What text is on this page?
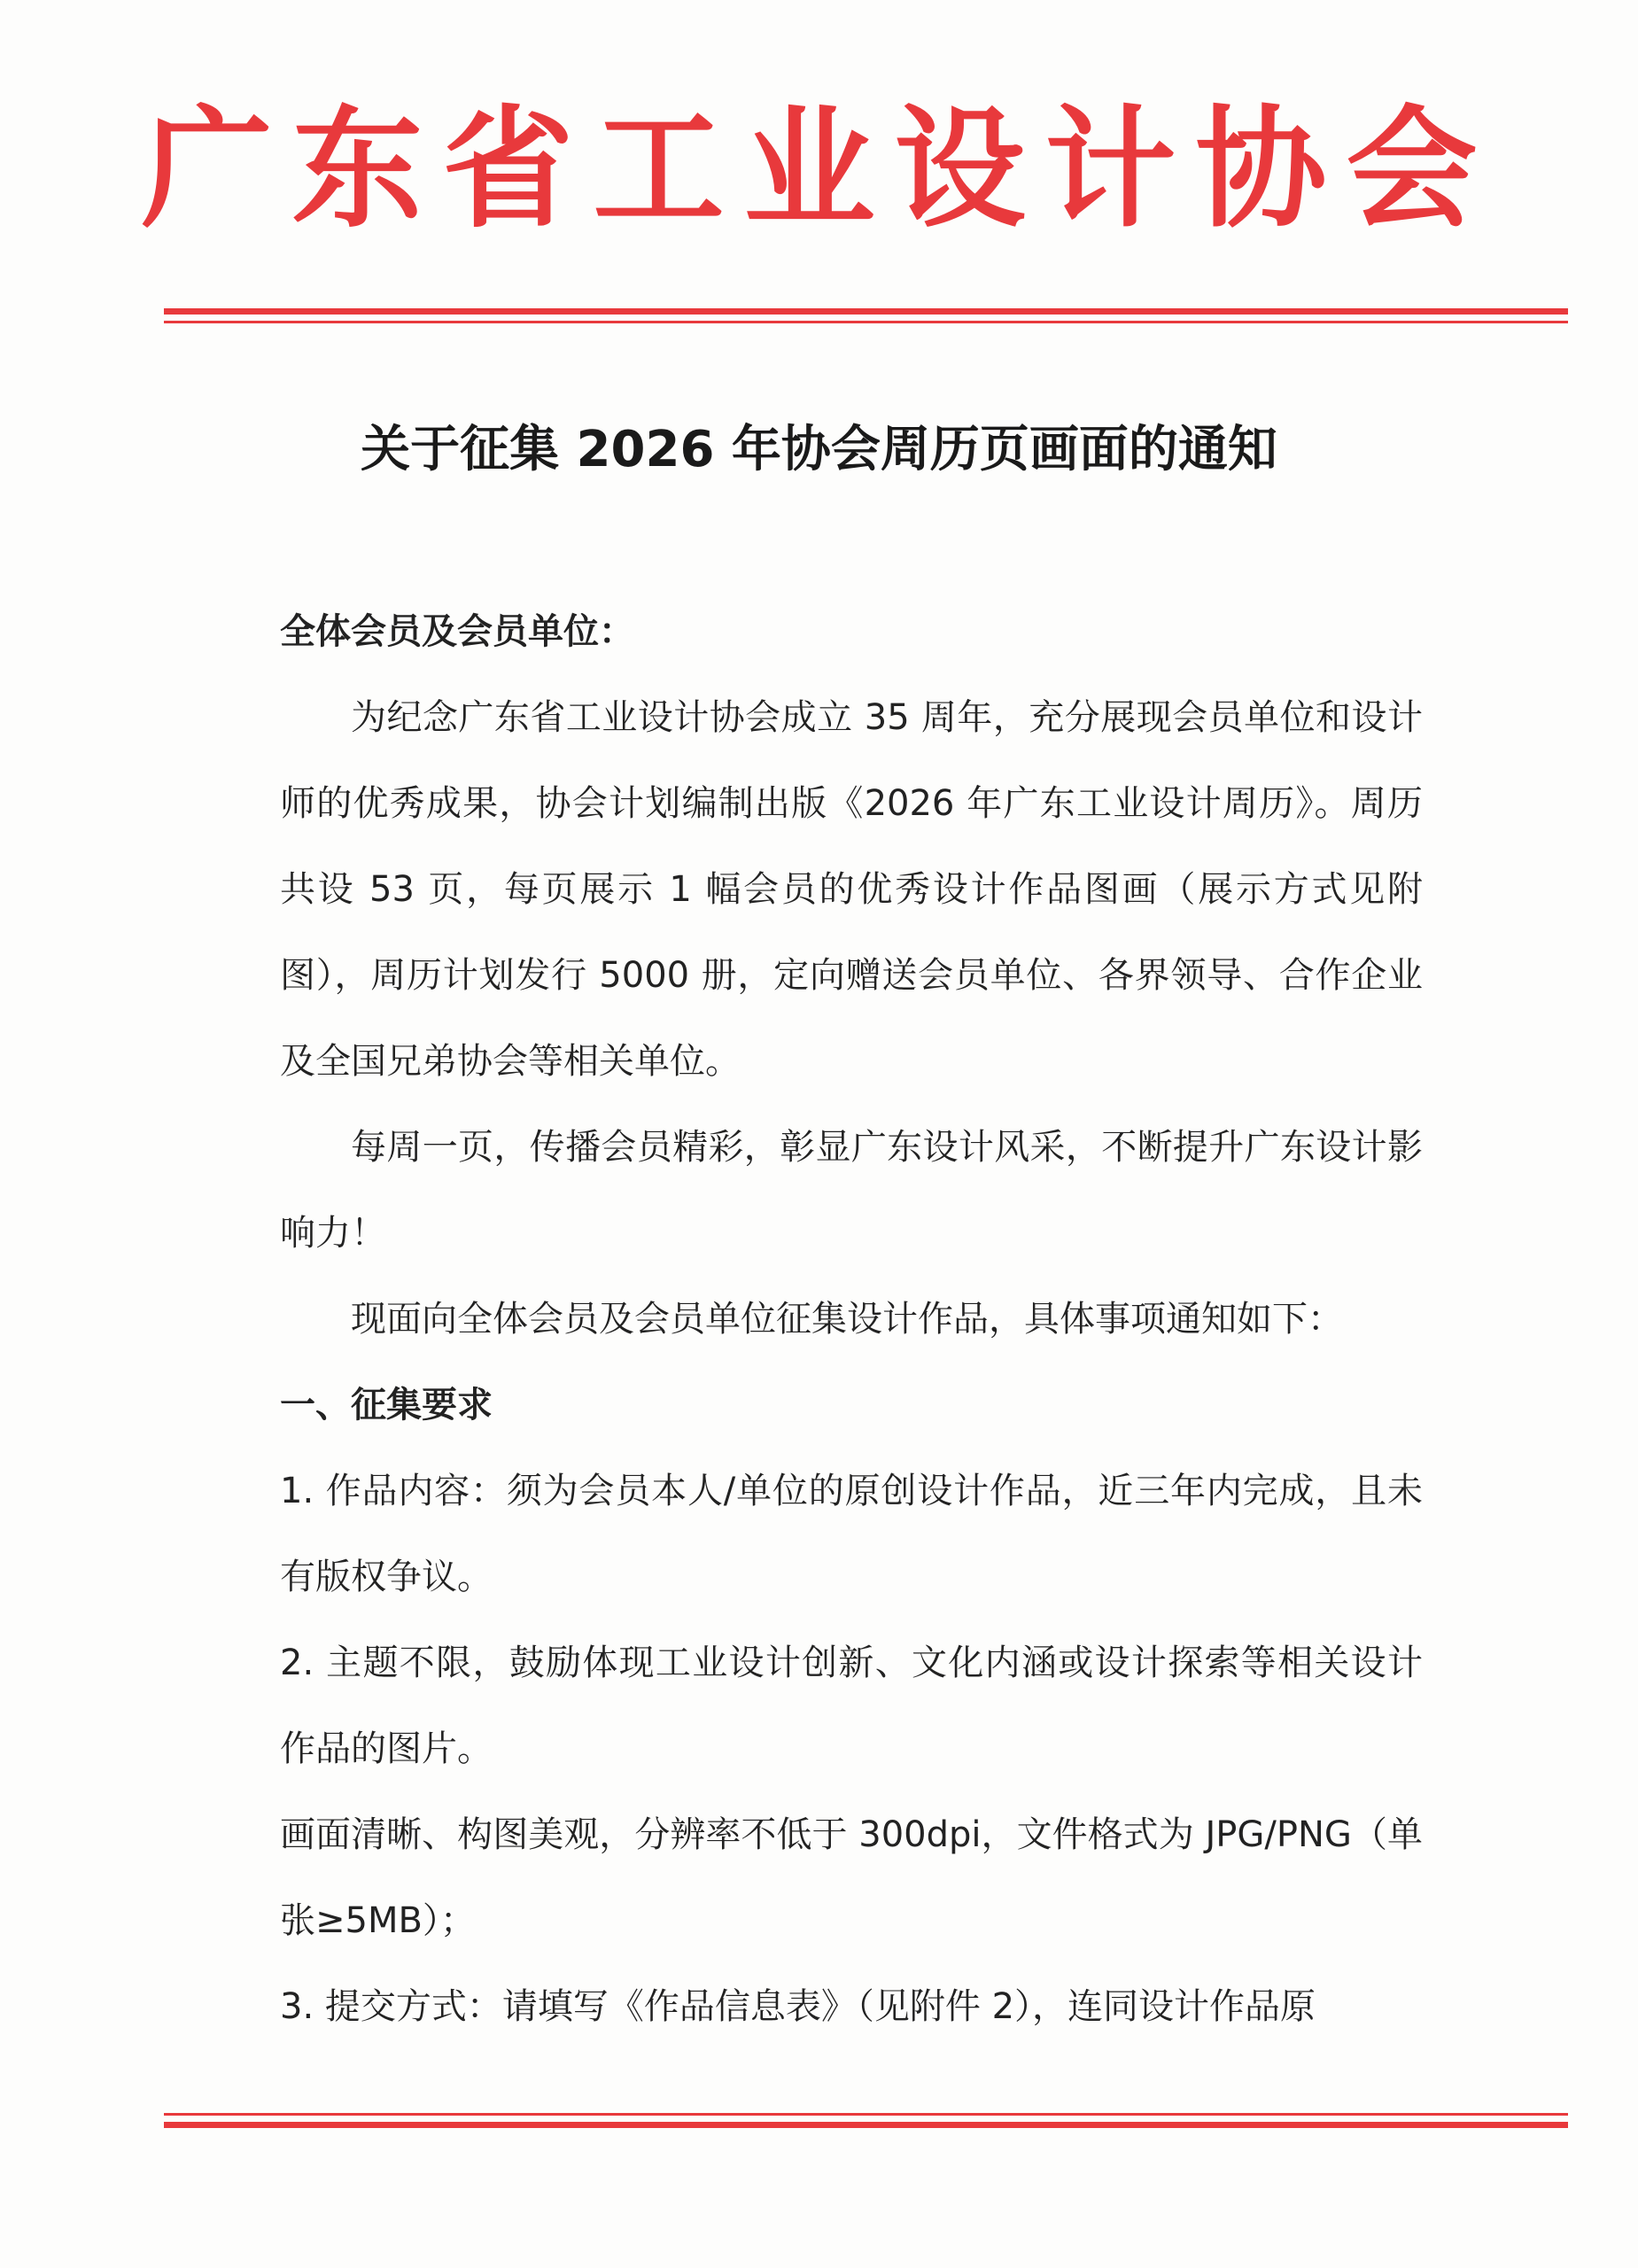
广东省工业设计协会
关于征集 2026 年协会周历页画面的通知

全体会员及会员单位：

为纪念广东省工业设计协会成立 35 周年，充分展现会员单位和设计师的优秀成果，协会计划编制出版《2026 年广东工业设计周历》。周历共设 53 页，每页展示 1 幅会员的优秀设计作品图画（展示方式见附图），周历计划发行 5000 册，定向赠送会员单位、各界领导、合作企业及全国兄弟协会等相关单位。

每周一页，传播会员精彩，彰显广东设计风采，不断提升广东设计影响力！

现面向全体会员及会员单位征集设计作品，具体事项通知如下：

一、征集要求

1. 作品内容：须为会员本人/单位的原创设计作品，近三年内完成，且未有版权争议。

2. 主题不限，鼓励体现工业设计创新、文化内涵或设计探索等相关设计作品的图片。

画面清晰、构图美观，分辨率不低于 300dpi，文件格式为 JPG/PNG（单张≥5MB）；

3. 提交方式：请填写《作品信息表》（见附件 2），连同设计作品原
